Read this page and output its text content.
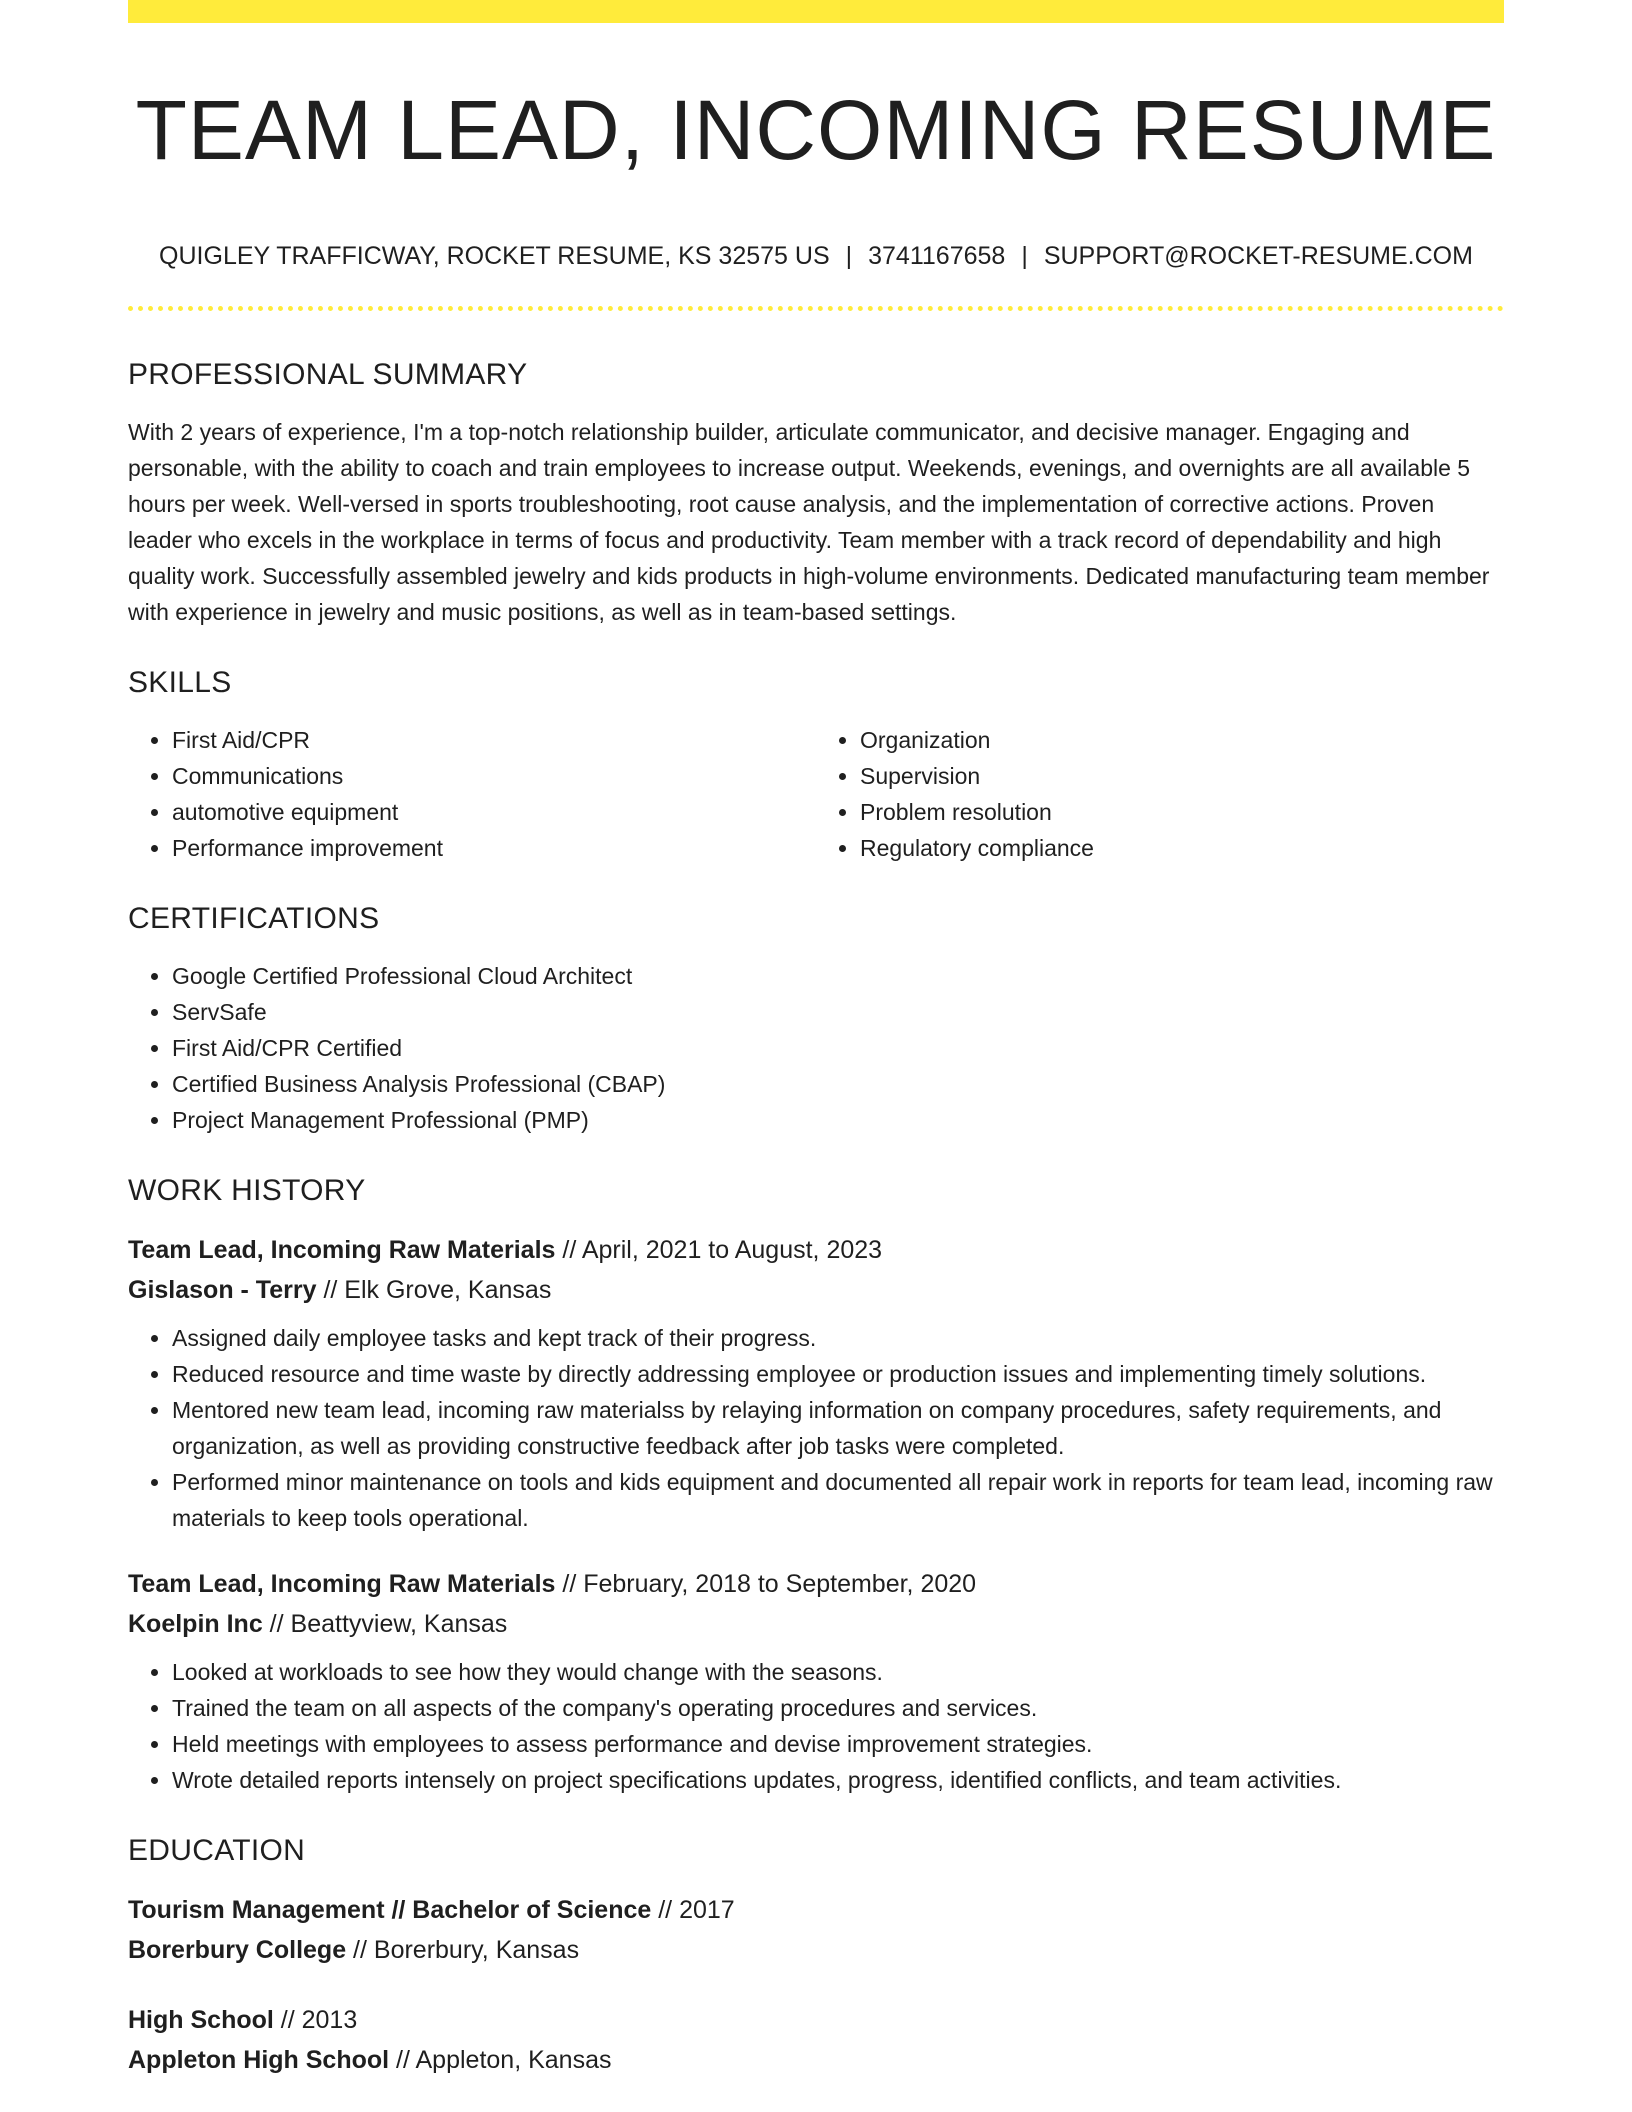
TEAM LEAD, INCOMING RESUME
QUIGLEY TRAFFICWAY, ROCKET RESUME, KS 32575 US | 3741167658 | SUPPORT@ROCKET-RESUME.COM
PROFESSIONAL SUMMARY

With 2 years of experience, I'm a top-notch relationship builder, articulate communicator, and decisive manager. Engaging and personable, with the ability to coach and train employees to increase output. Weekends, evenings, and overnights are all available 5 hours per week. Well-versed in sports troubleshooting, root cause analysis, and the implementation of corrective actions. Proven leader who excels in the workplace in terms of focus and productivity. Team member with a track record of dependability and high quality work. Successfully assembled jewelry and kids products in high-volume environments. Dedicated manufacturing team member with experience in jewelry and music positions, as well as in team-based settings.

SKILLS
• First Aid/CPR
• Communications
• automotive equipment
• Performance improvement
• Organization
• Supervision
• Problem resolution
• Regulatory compliance
CERTIFICATIONS
• Google Certified Professional Cloud Architect
• ServSafe
• First Aid/CPR Certified
• Certified Business Analysis Professional (CBAP)
• Project Management Professional (PMP)
WORK HISTORY
Team Lead, Incoming Raw Materials // April, 2021 to August, 2023
Gislason - Terry // Elk Grove, Kansas
• Assigned daily employee tasks and kept track of their progress.
• Reduced resource and time waste by directly addressing employee or production issues and implementing timely solutions.
• Mentored new team lead, incoming raw materialss by relaying information on company procedures, safety requirements, and organization, as well as providing constructive feedback after job tasks were completed.
• Performed minor maintenance on tools and kids equipment and documented all repair work in reports for team lead, incoming raw materials to keep tools operational.
Team Lead, Incoming Raw Materials // February, 2018 to September, 2020
Koelpin Inc // Beattyview, Kansas
• Looked at workloads to see how they would change with the seasons.
• Trained the team on all aspects of the company's operating procedures and services.
• Held meetings with employees to assess performance and devise improvement strategies.
• Wrote detailed reports intensely on project specifications updates, progress, identified conflicts, and team activities.
EDUCATION
Tourism Management // Bachelor of Science // 2017
Borerbury College // Borerbury, Kansas
High School // 2013
Appleton High School // Appleton, Kansas
